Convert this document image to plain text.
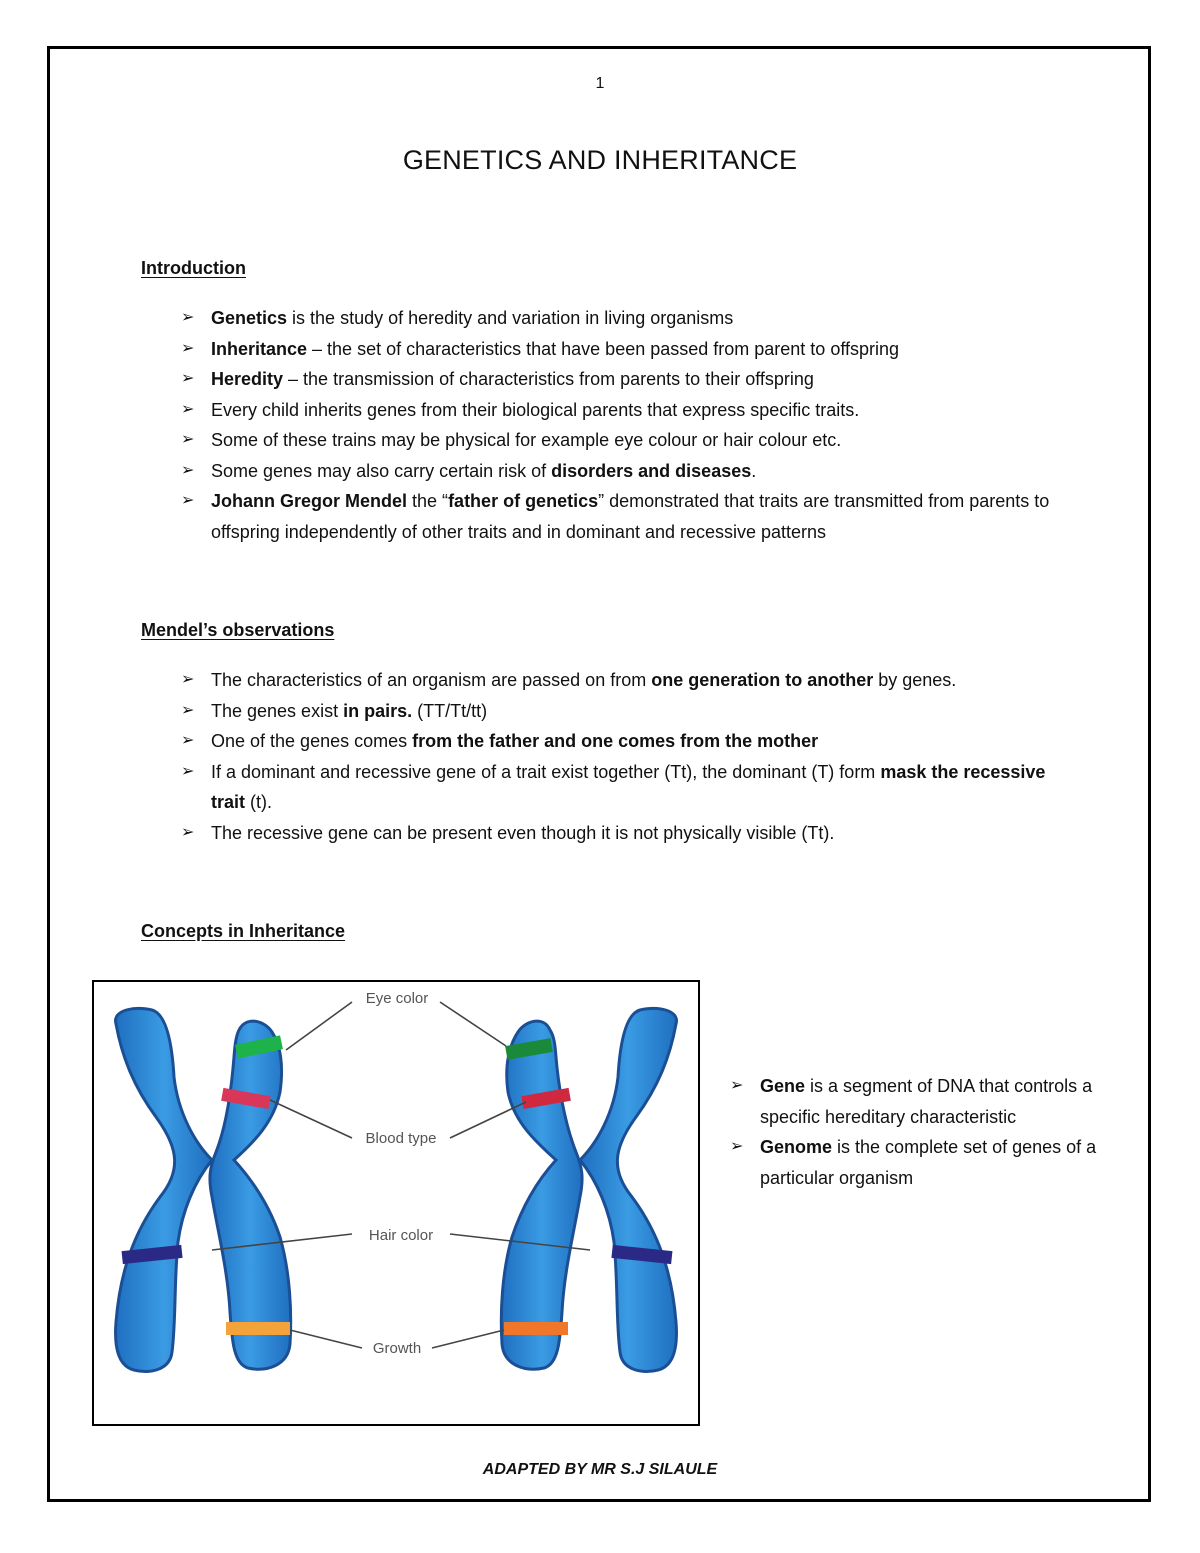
1
GENETICS AND INHERITANCE
Introduction
➢ Genetics is the study of heredity and variation in living organisms
➢ Inheritance – the set of characteristics that have been passed from parent to offspring
➢ Heredity – the transmission of characteristics from parents to their offspring
➢ Every child inherits genes from their biological parents that express specific traits.
➢ Some of these trains may be physical for example eye colour or hair colour etc.
➢ Some genes may also carry certain risk of disorders and diseases.
➢ Johann Gregor Mendel the “father of genetics” demonstrated that traits are transmitted from parents to offspring independently of other traits and in dominant and recessive patterns
Mendel’s observations
➢ The characteristics of an organism are passed on from one generation to another by genes.
➢ The genes exist in pairs. (TT/Tt/tt)
➢ One of the genes comes from the father and one comes from the mother
➢ If a dominant and recessive gene of a trait exist together (Tt), the dominant (T) form mask the recessive trait (t).
➢ The recessive gene can be present even though it is not physically visible (Tt).
Concepts in Inheritance
Eye color
Blood type
Hair color
Growth
➢ Gene is a segment of DNA that controls a specific hereditary characteristic
➢ Genome is the complete set of genes of a particular organism
ADAPTED BY MR S.J SILAULE
